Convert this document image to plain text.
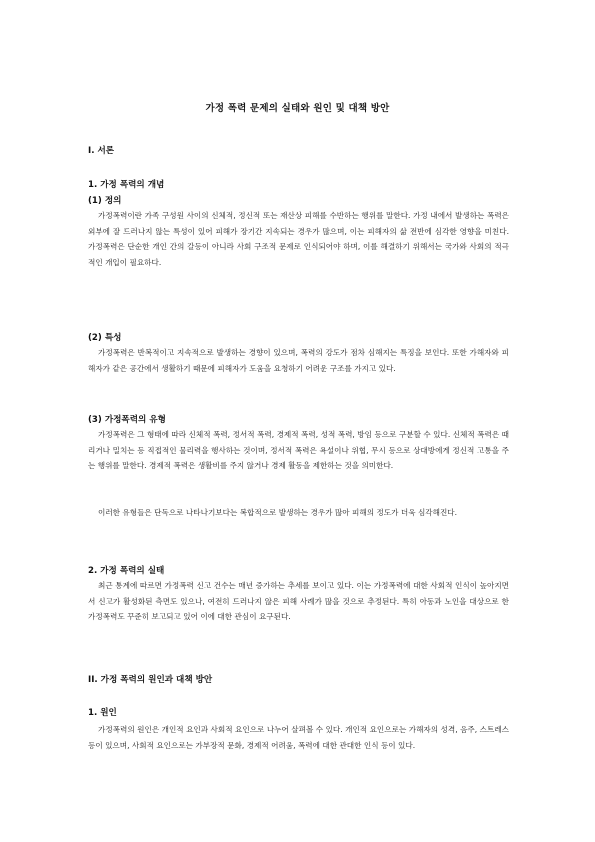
가정 폭력 문제의 실태와 원인 및 대책 방안
I. 서론
1. 가정 폭력의 개념
(1) 정의
가정폭력이란 가족 구성원 사이의 신체적, 정신적 또는 재산상 피해를 수반하는 행위를 말한다. 가정 내에서 발생하는 폭력은 외부에 잘 드러나지 않는 특성이 있어 피해가 장기간 지속되는 경우가 많으며, 이는 피해자의 삶 전반에 심각한 영향을 미친다. 가정폭력은 단순한 개인 간의 갈등이 아니라 사회 구조적 문제로 인식되어야 하며, 이를 해결하기 위해서는 국가와 사회의 적극적인 개입이 필요하다.
(2) 특성
가정폭력은 반복적이고 지속적으로 발생하는 경향이 있으며, 폭력의 강도가 점차 심해지는 특징을 보인다. 또한 가해자와 피해자가 같은 공간에서 생활하기 때문에 피해자가 도움을 요청하기 어려운 구조를 가지고 있다.
(3) 가정폭력의 유형
가정폭력은 그 형태에 따라 신체적 폭력, 정서적 폭력, 경제적 폭력, 성적 폭력, 방임 등으로 구분할 수 있다. 신체적 폭력은 때리거나 밀치는 등 직접적인 물리력을 행사하는 것이며, 정서적 폭력은 욕설이나 위협, 무시 등으로 상대방에게 정신적 고통을 주는 행위를 말한다. 경제적 폭력은 생활비를 주지 않거나 경제 활동을 제한하는 것을 의미한다.
이러한 유형들은 단독으로 나타나기보다는 복합적으로 발생하는 경우가 많아 피해의 정도가 더욱 심각해진다.
2. 가정 폭력의 실태
최근 통계에 따르면 가정폭력 신고 건수는 매년 증가하는 추세를 보이고 있다. 이는 가정폭력에 대한 사회적 인식이 높아지면서 신고가 활성화된 측면도 있으나, 여전히 드러나지 않은 피해 사례가 많을 것으로 추정된다. 특히 아동과 노인을 대상으로 한 가정폭력도 꾸준히 보고되고 있어 이에 대한 관심이 요구된다.
II. 가정 폭력의 원인과 대책 방안
1. 원인
가정폭력의 원인은 개인적 요인과 사회적 요인으로 나누어 살펴볼 수 있다. 개인적 요인으로는 가해자의 성격, 음주, 스트레스 등이 있으며, 사회적 요인으로는 가부장적 문화, 경제적 어려움, 폭력에 대한 관대한 인식 등이 있다.
